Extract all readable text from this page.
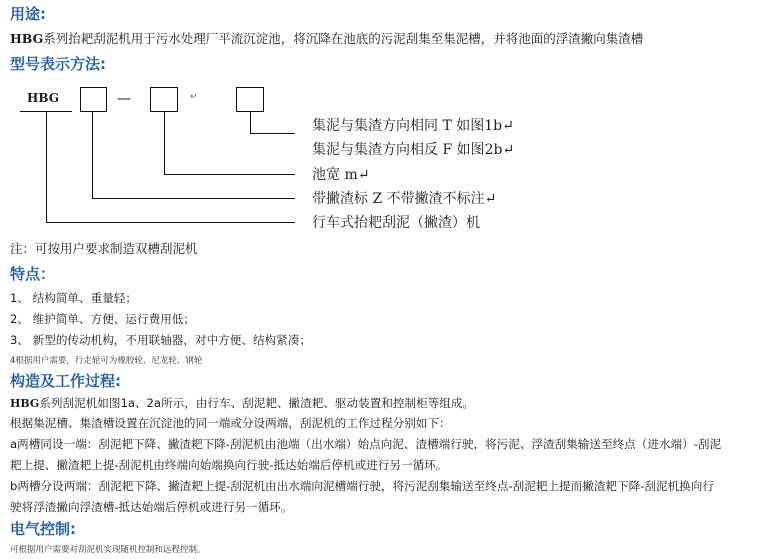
用途:
HBG系列抬耙刮泥机用于污水处理厂平流沉淀池，将沉降在池底的污泥刮集至集泥槽，并将池面的浮渣撇向集渣槽
型号表示方法:
HBG	—	↵
集泥与集渣方向相同 T 如图1b↵
集泥与集渣方向相反 F 如图2b↵
池宽 m↵
带撇渣标 Z 不带撇渣不标注↵
行车式抬耙刮泥（撇渣）机
注：可按用户要求制造双槽刮泥机
特点：
1、 结构简单、重量轻；
2、 维护简单、方便、运行费用低；
3、 新型的传动机构，不用联轴器，对中方便、结构紧凑；
4根据用户需要，行走轮可为橡胶轮、尼龙轮、钢轮
构造及工作过程:
HBG系列刮泥机如图1a、2a所示，由行车、刮泥耙、撇渣耙、驱动装置和控制柜等组成。
根据集泥槽、集渣槽设置在沉淀池的同一端或分设两端，刮泥机的工作过程分别如下：
a两槽同设一端：刮泥耙下降、撇渣耙下降-刮泥机由池端（出水端）始点向泥、渣槽端行驶，将污泥、浮渣刮集输送至终点（进水端）-刮泥
耙上提、撇渣耙上提-刮泥机由终端向始端换向行驶-抵达始端后停机或进行另一循环。
b两槽分设两端：刮泥耙下降、撇渣耙上提-刮泥机由出水端向泥槽端行驶，将污泥刮集输送至终点-刮泥耙上提而撇渣耙下降-刮泥机换向行
驶将浮渣撇向浮渣槽-抵达始端后停机或进行另一循环。
电气控制:
可根据用户需要对刮泥机实现随机控制和远程控制。
